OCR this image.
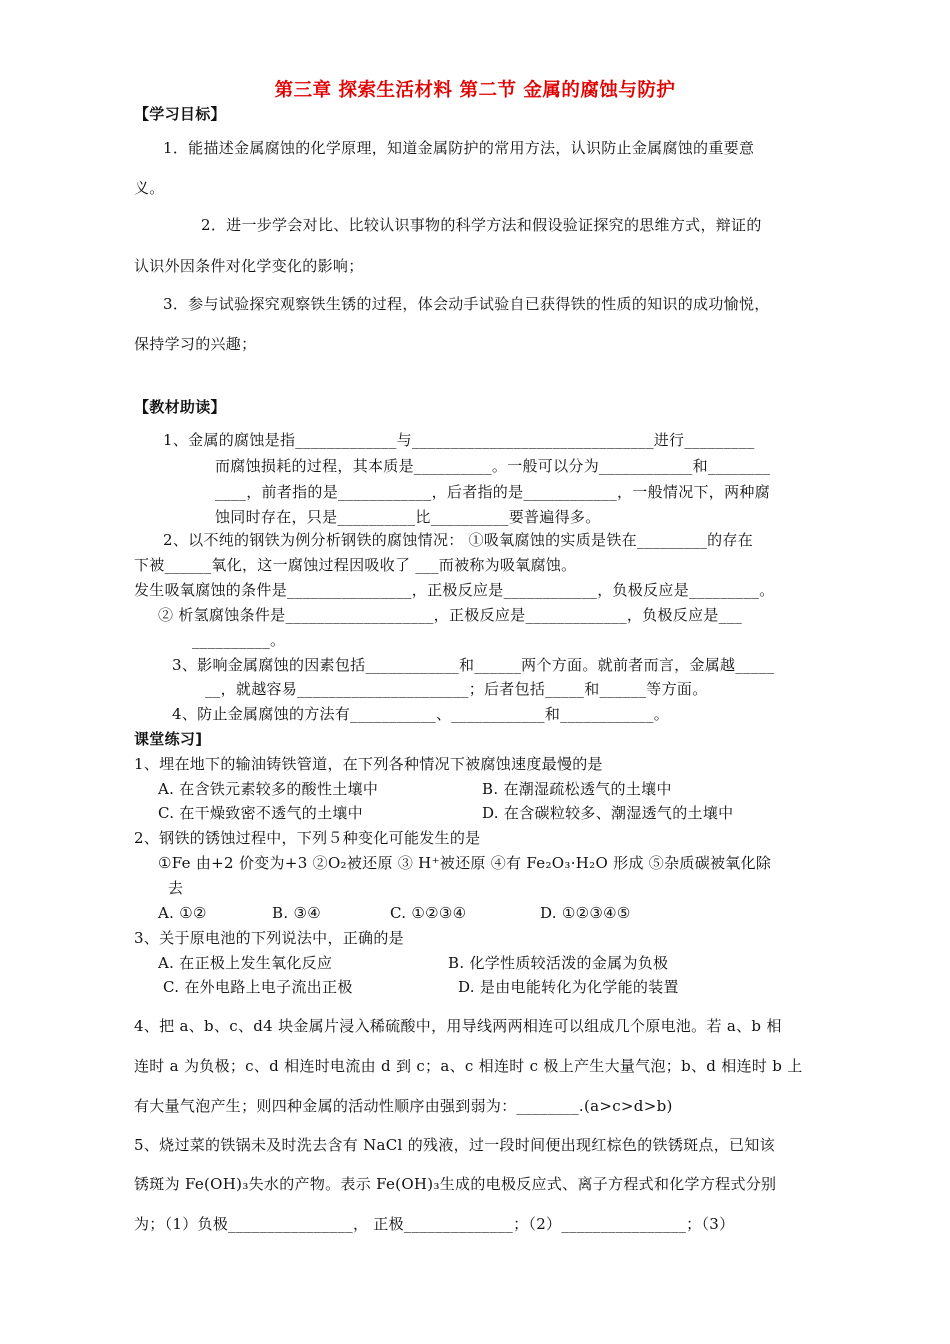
第三章 探索生活材料 第二节 金属的腐蚀与防护
【学习目标】
1．能描述金属腐蚀的化学原理，知道金属防护的常用方法，认识防止金属腐蚀的重要意
义。
2．进一步学会对比、比较认识事物的科学方法和假设验证探究的思维方式，辩证的
认识外因条件对化学变化的影响；
3．参与试验探究观察铁生锈的过程，体会动手试验自已获得铁的性质的知识的成功愉悦，
保持学习的兴趣；
【教材助读】
1、金属的腐蚀是指_____________与_______________________________进行_________
而腐蚀损耗的过程，其本质是__________。一般可以分为____________和________
____，前者指的是____________，后者指的是____________，一般情况下，两种腐
蚀同时存在，只是__________比__________要普遍得多。
2、以不纯的钢铁为例分析钢铁的腐蚀情况： ①吸氧腐蚀的实质是铁在_________的存在
下被______氧化，这一腐蚀过程因吸收了 ___而被称为吸氧腐蚀。
发生吸氧腐蚀的条件是________________，正极反应是____________，负极反应是_________。
② 析氢腐蚀条件是___________________，正极反应是_____________，负极反应是___
__________。
3、影响金属腐蚀的因素包括____________和______两个方面。就前者而言，金属越_____
__，就越容易______________________；后者包括_____和______等方面。
4、防止金属腐蚀的方法有___________、____________和____________。
课堂练习]
1、埋在地下的输油铸铁管道，在下列各种情况下被腐蚀速度最慢的是
A. 在含铁元素较多的酸性土壤中	B. 在潮湿疏松透气的土壤中
C. 在干燥致密不透气的土壤中	D. 在含碳粒较多、潮湿透气的土壤中
2、钢铁的锈蚀过程中，下列５种变化可能发生的是
①Fe 由+2 价变为+3 ②O₂被还原 ③ H⁺被还原 ④有 Fe₂O₃·H₂O 形成 ⑤杂质碳被氧化除
去
A. ①②	B. ③④	C. ①②③④	D. ①②③④⑤
3、关于原电池的下列说法中，正确的是
A. 在正极上发生氧化反应	B. 化学性质较活泼的金属为负极
C. 在外电路上电子流出正极	D. 是由电能转化为化学能的装置
4、把 a、b、c、d4 块金属片浸入稀硫酸中，用导线两两相连可以组成几个原电池。若 a、b 相
连时 a 为负极；c、d 相连时电流由 d 到 c；a、c 相连时 c 极上产生大量气泡；b、d 相连时 b 上
有大量气泡产生；则四种金属的活动性顺序由强到弱为：________.(a>c>d>b)
5、烧过菜的铁锅未及时洗去含有 NaCl 的残液，过一段时间便出现红棕色的铁锈斑点，已知该
锈斑为 Fe(OH)₃失水的产物。表示 Fe(OH)₃生成的电极反应式、离子方程式和化学方程式分别
为；（1）负极________________， 正极______________；（2）________________；（3）
